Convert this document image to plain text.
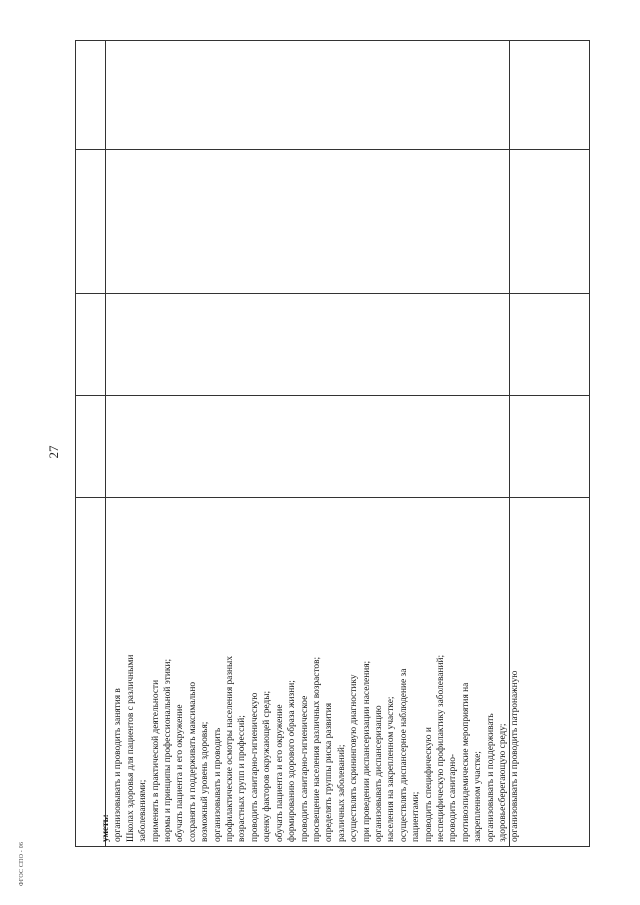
27
ФГОС СПО - 06
уметь: организовывать и проводить занятия в Школах здоровья для пациентов с различными заболеваниями; применять в практической деятельности нормы и принципы профессиональной этики; обучать пациента и его окружение сохранять и поддерживать максимально возможный уровень здоровья; организовывать и проводить профилактические осмотры населения разных возрастных групп и профессий; проводить санитарно-гигиеническую оценку факторов окружающей среды; обучать пациента и его окружение формированию здорового образа жизни; проводить санитарно-гигиеническое просвещение населения различных возрастов; определять группы риска развития различных заболеваний; осуществлять скрининговую диагностику при проведении диспансеризации населения; организовывать диспансеризацию населения на закрепленном участке; осуществлять диспансерное наблюдение за пациентами; проводить специфическую и неспецифическую профилактику заболеваний; проводить санитарно- противоэпидемические мероприятия на закрепленном участке; организовывать и поддерживать здоровьесберегающую среду; организовывать и проводить патронажную
